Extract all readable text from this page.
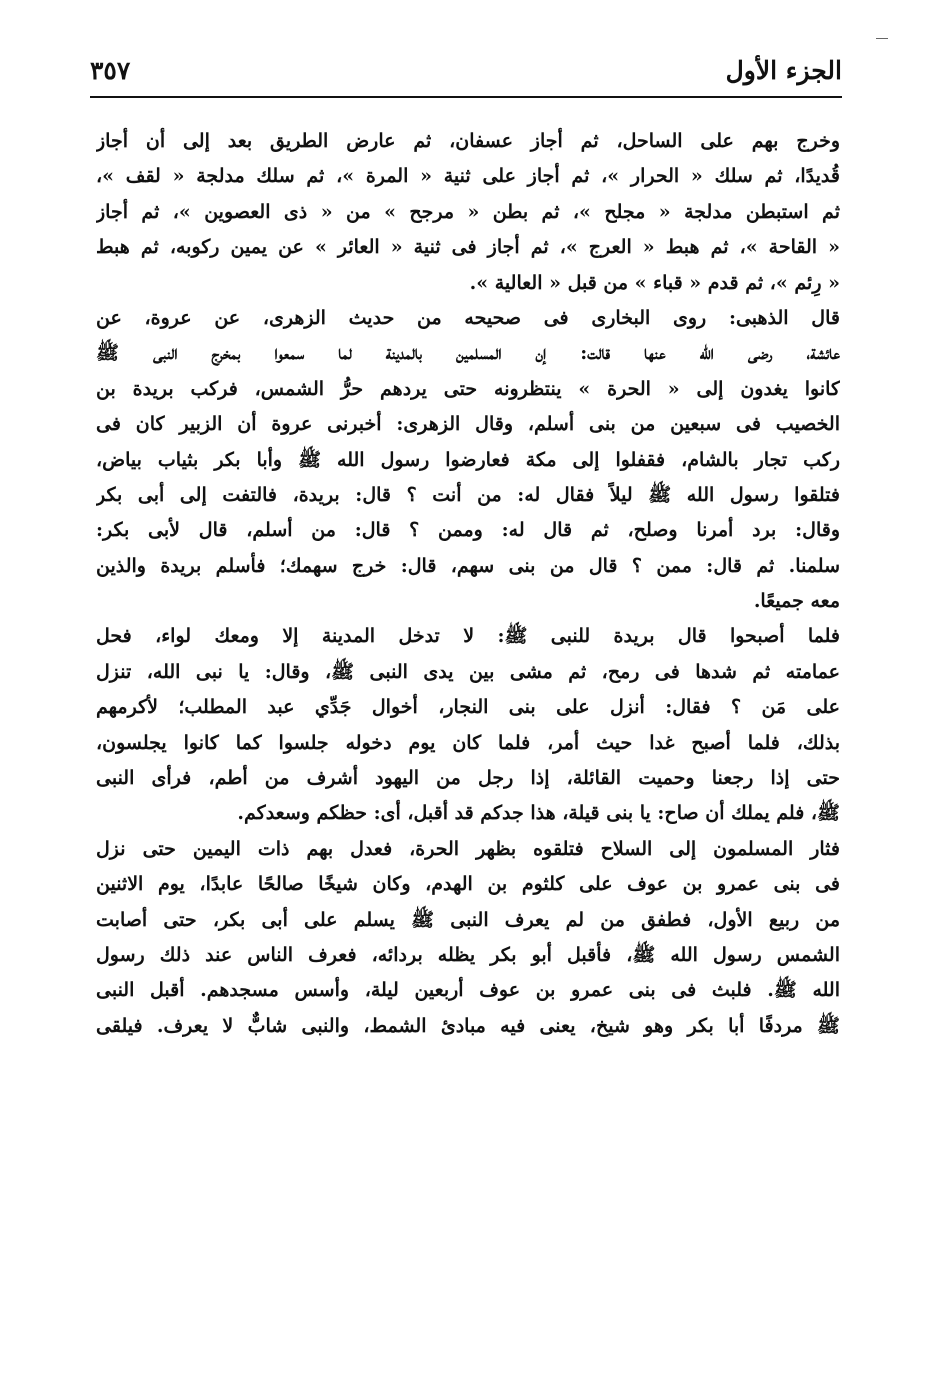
الجزء الأول
٣٥٧
وخرج بهم على الساحل، ثم أجاز عسفان، ثم عارض الطريق بعد إلى أن أجاز
قُديدًا، ثم سلك « الحرار »، ثم أجاز على ثنية « المرة »، ثم سلك مدلجة « لقف »،
ثم استبطن مدلجة « مجلح »، ثم بطن « مرجح » من « ذى العصوين »، ثم أجاز
« القاحة »، ثم هبط « العرج »، ثم أجاز فى ثنية « العائر » عن يمين ركوبه، ثم هبط
« رِئم »، ثم قدم « قباء » من قبل « العالية ».
قال الذهبى: روى البخارى فى صحيحه من حديث الزهرى، عن عروة، عن
عائشة، رضى الله عنها قالت: إن المسلمين بالمدينة لما سمعوا بمخرج النبى ﷺ
كانوا يغدون إلى « الحرة » ينتظرونه حتى يردهم حرُّ الشمس، فركب بريدة بن
الخصيب فى سبعين من بنى أسلم، وقال الزهرى: أخبرنى عروة أن الزبير كان فى
ركب تجار بالشام، فقفلوا إلى مكة فعارضوا رسول الله ﷺ وأبا بكر بثياب بياض،
فتلقوا رسول الله ﷺ ليلاً فقال له: من أنت ؟ قال: بريدة، فالتفت إلى أبى بكر
وقال: برد أمرنا وصلح، ثم قال له: وممن ؟ قال: من أسلم، قال لأبى بكر:
سلمنا. ثم قال: ممن ؟ قال من بنى سهم، قال: خرج سهمك؛ فأسلم بريدة والذين
معه جميعًا.
فلما أصبحوا قال بريدة للنبى ﷺ: لا تدخل المدينة إلا ومعك لواء، فحل
عمامته ثم شدها فى رمح، ثم مشى بين يدى النبى ﷺ، وقال: يا نبى الله، تنزل
على مَن ؟ فقال: أنزل على بنى النجار، أخوال جَدِّي عبد المطلب؛ لأكرمهم
بذلك، فلما أصبح غدا حيث أمر، فلما كان يوم دخوله جلسوا كما كانوا يجلسون،
حتى إذا رجعنا وحميت القائلة، إذا رجل من اليهود أشرف من أطم، فرأى النبى
ﷺ، فلم يملك أن صاح: يا بنى قيلة، هذا جدكم قد أقبل، أى: حظكم وسعدكم.
فثار المسلمون إلى السلاح فتلقوه بظهر الحرة، فعدل بهم ذات اليمين حتى نزل
فى بنى عمرو بن عوف على كلثوم بن الهدم، وكان شيخًا صالحًا عابدًا، يوم الاثنين
من ربيع الأول، فطفق من لم يعرف النبى ﷺ يسلم على أبى بكر، حتى أصابت
الشمس رسول الله ﷺ، فأقبل أبو بكر يظله بردائه، فعرف الناس عند ذلك رسول
الله ﷺ. فلبث فى بنى عمرو بن عوف أربعين ليلة، وأسس مسجدهم. أقبل النبى
ﷺ مردفًا أبا بكر وهو شيخ، يعنى فيه مبادئ الشمط، والنبى شابٌّ لا يعرف. فيلقى
